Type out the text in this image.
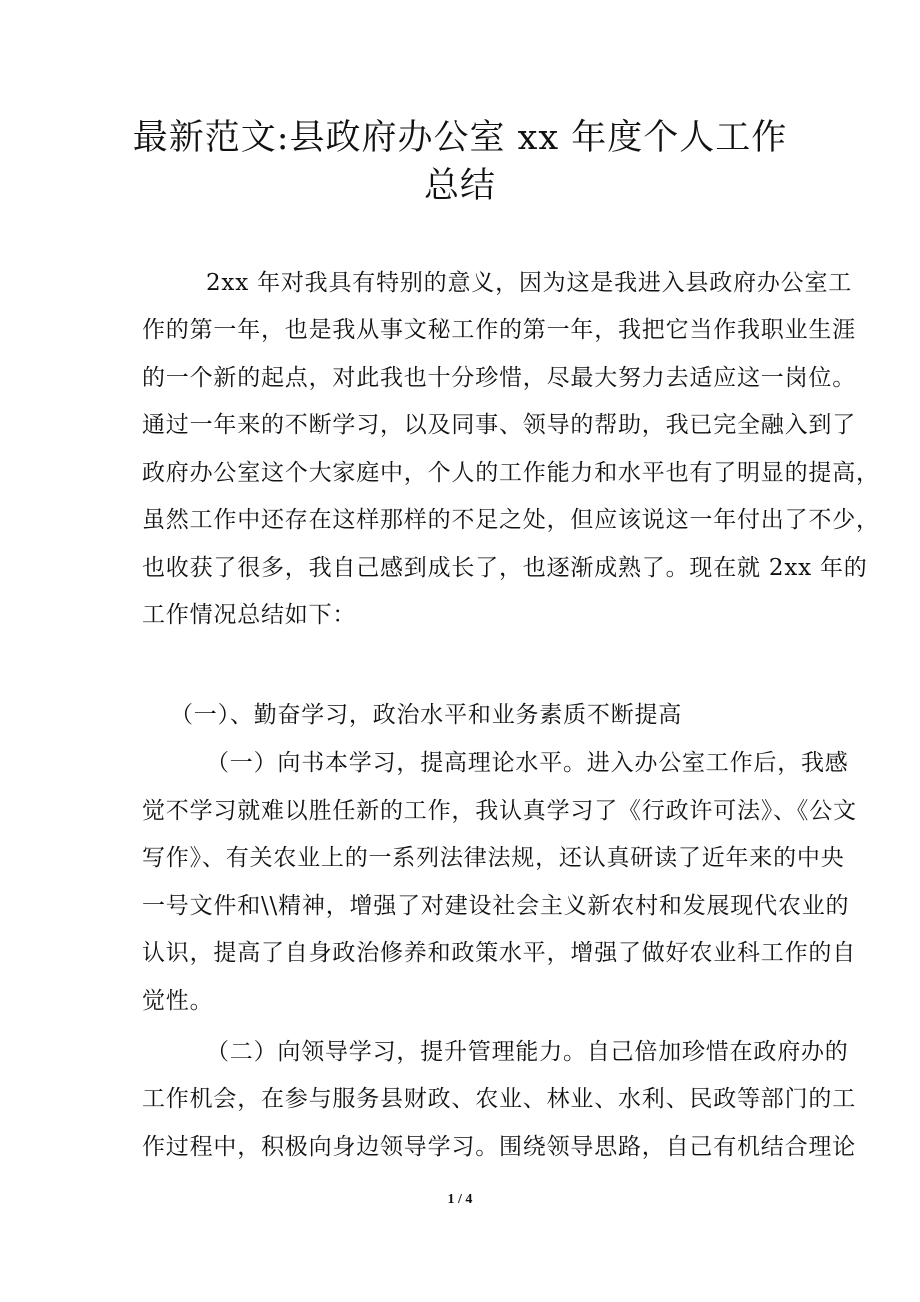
最新范文:县政府办公室 xx 年度个人工作
总结

2xx 年对我具有特别的意义，因为这是我进入县政府办公室工

作的第一年，也是我从事文秘工作的第一年，我把它当作我职业生涯

的一个新的起点，对此我也十分珍惜，尽最大努力去适应这一岗位。

通过一年来的不断学习，以及同事、领导的帮助，我已完全融入到了

政府办公室这个大家庭中，个人的工作能力和水平也有了明显的提高，

虽然工作中还存在这样那样的不足之处，但应该说这一年付出了不少，

也收获了很多，我自己感到成长了，也逐渐成熟了。现在就 2xx 年的

工作情况总结如下：

（一）、勤奋学习，政治水平和业务素质不断提高

（一）向书本学习，提高理论水平。进入办公室工作后，我感

觉不学习就难以胜任新的工作，我认真学习了《行政许可法》、《公文

写作》、有关农业上的一系列法律法规，还认真研读了近年来的中央

一号文件和\\精神，增强了对建设社会主义新农村和发展现代农业的

认识，提高了自身政治修养和政策水平，增强了做好农业科工作的自

觉性。

（二）向领导学习，提升管理能力。自己倍加珍惜在政府办的

工作机会，在参与服务县财政、农业、林业、水利、民政等部门的工

作过程中，积极向身边领导学习。围绕领导思路，自己有机结合理论

1 / 4
